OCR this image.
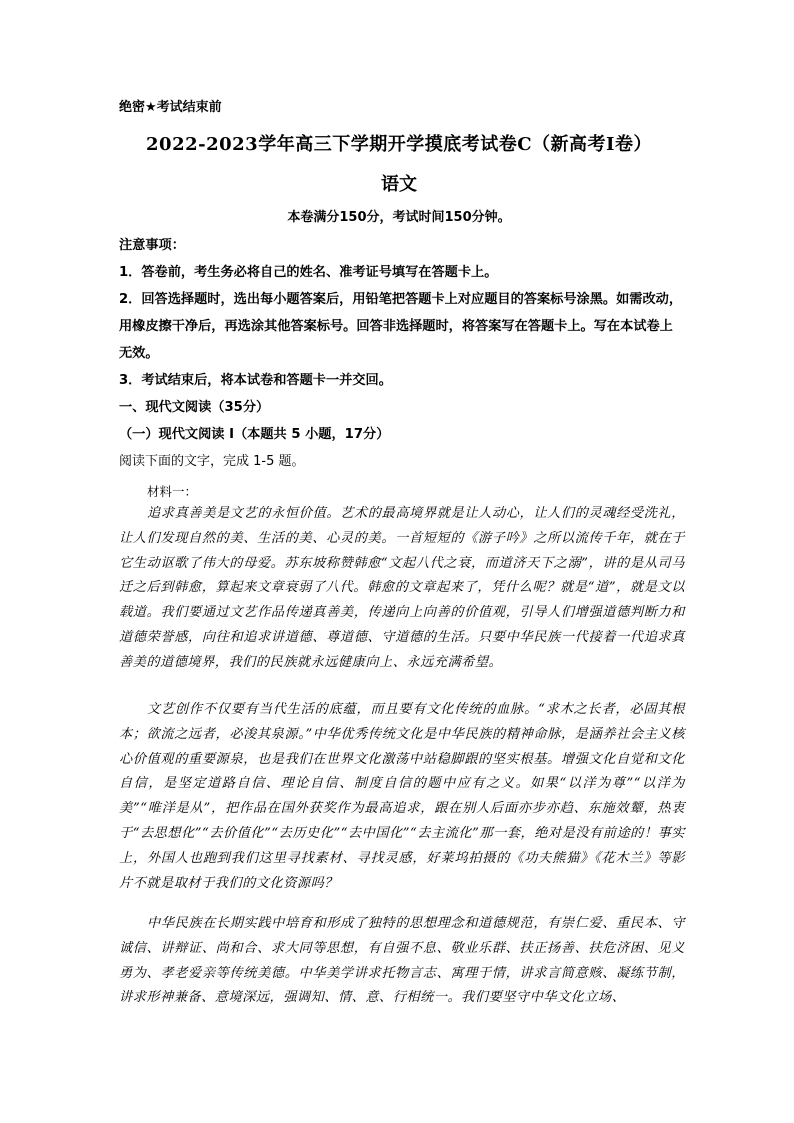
绝密★考试结束前
2022-2023学年高三下学期开学摸底考试卷C（新高考I卷）
语文
本卷满分150分，考试时间150分钟。
注意事项：
1．答卷前，考生务必将自己的姓名、准考证号填写在答题卡上。
2．回答选择题时，选出每小题答案后，用铅笔把答题卡上对应题目的答案标号涂黑。如需改动，用橡皮擦干净后，再选涂其他答案标号。回答非选择题时，将答案写在答题卡上。写在本试卷上无效。
3．考试结束后，将本试卷和答题卡一并交回。
一、现代文阅读（35分）
（一）现代文阅读 I（本题共 5 小题，17分）
阅读下面的文字，完成 1-5 题。
材料一：
追求真善美是文艺的永恒价值。艺术的最高境界就是让人动心，让人们的灵魂经受洗礼，让人们发现自然的美、生活的美、心灵的美。一首短短的《游子吟》之所以流传千年，就在于它生动讴歌了伟大的母爱。苏东坡称赞韩愈“文起八代之衰，而道济天下之溺”，讲的是从司马迁之后到韩愈，算起来文章衰弱了八代。韩愈的文章起来了，凭什么呢？就是“道”，就是文以载道。我们要通过文艺作品传递真善美，传递向上向善的价值观，引导人们增强道德判断力和道德荣誉感，向往和追求讲道德、尊道德、守道德的生活。只要中华民族一代接着一代追求真善美的道德境界，我们的民族就永远健康向上、永远充满希望。
文艺创作不仅要有当代生活的底蕴，而且要有文化传统的血脉。“求木之长者，必固其根本；欲流之远者，必浚其泉源。”中华优秀传统文化是中华民族的精神命脉，是涵养社会主义核心价值观的重要源泉，也是我们在世界文化激荡中站稳脚跟的坚实根基。增强文化自觉和文化自信，是坚定道路自信、理论自信、制度自信的题中应有之义。如果“以洋为尊”“以洋为美”“唯洋是从”，把作品在国外获奖作为最高追求，跟在别人后面亦步亦趋、东施效颦，热衷于“去思想化”“去价值化”“去历史化”“去中国化”“去主流化”那一套，绝对是没有前途的！事实上，外国人也跑到我们这里寻找素材、寻找灵感，好莱坞拍摄的《功夫熊猫》《花木兰》等影片不就是取材于我们的文化资源吗？
中华民族在长期实践中培育和形成了独特的思想理念和道德规范，有崇仁爱、重民本、守诚信、讲辩证、尚和合、求大同等思想，有自强不息、敬业乐群、扶正扬善、扶危济困、见义勇为、孝老爱亲等传统美德。中华美学讲求托物言志、寓理于情，讲求言简意赅、凝练节制，讲求形神兼备、意境深远，强调知、情、意、行相统一。我们要坚守中华文化立场、
